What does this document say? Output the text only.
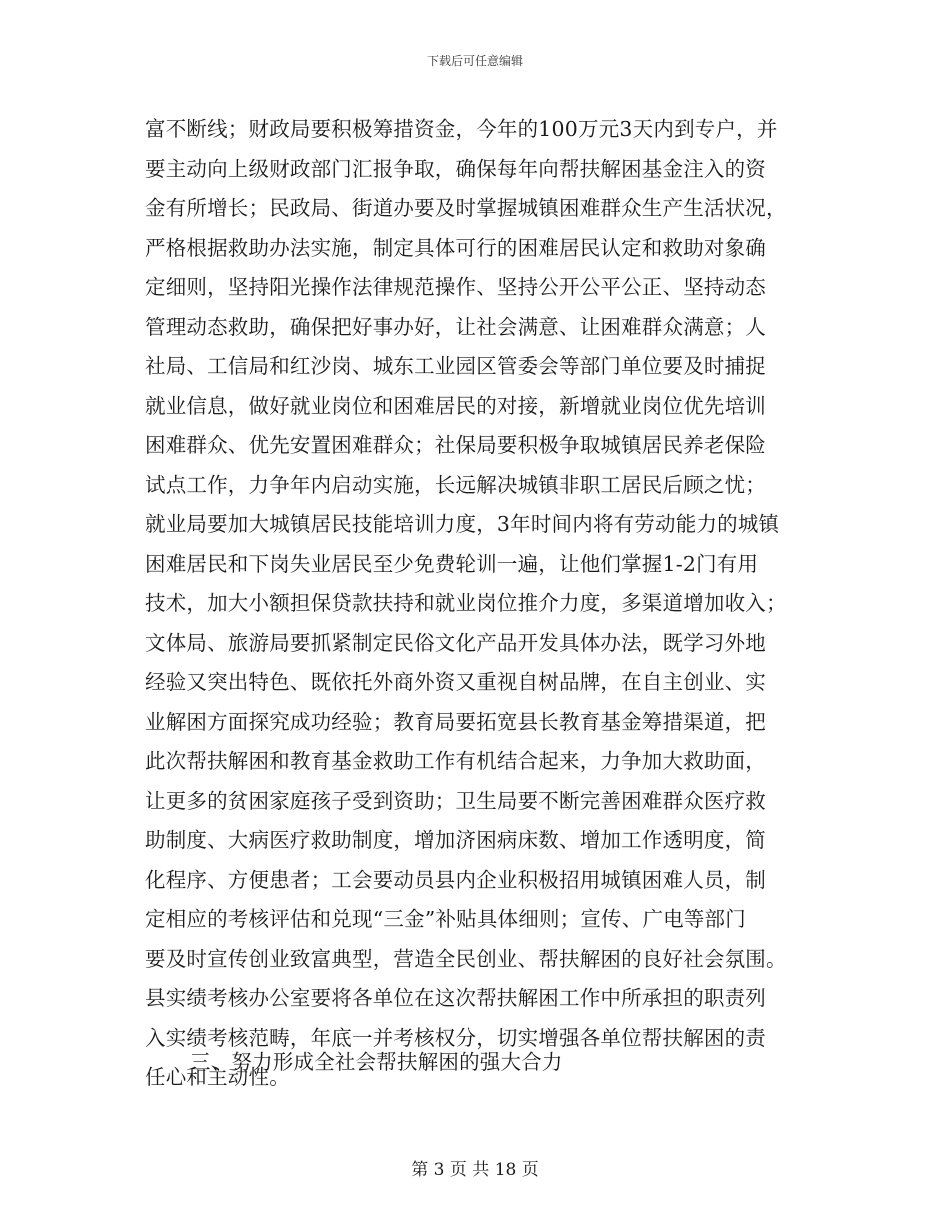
下载后可任意编辑
富不断线；财政局要积极筹措资金，今年的100万元3天内到专户，并
要主动向上级财政部门汇报争取，确保每年向帮扶解困基金注入的资
金有所增长；民政局、街道办要及时掌握城镇困难群众生产生活状况，
严格根据救助办法实施，制定具体可行的困难居民认定和救助对象确
定细则，坚持阳光操作法律规范操作、坚持公开公平公正、坚持动态
管理动态救助，确保把好事办好，让社会满意、让困难群众满意；人
社局、工信局和红沙岗、城东工业园区管委会等部门单位要及时捕捉
就业信息，做好就业岗位和困难居民的对接，新增就业岗位优先培训
困难群众、优先安置困难群众；社保局要积极争取城镇居民养老保险
试点工作，力争年内启动实施，长远解决城镇非职工居民后顾之忧；
就业局要加大城镇居民技能培训力度，3年时间内将有劳动能力的城镇
困难居民和下岗失业居民至少免费轮训一遍，让他们掌握1-2门有用
技术，加大小额担保贷款扶持和就业岗位推介力度，多渠道增加收入；
文体局、旅游局要抓紧制定民俗文化产品开发具体办法，既学习外地
经验又突出特色、既依托外商外资又重视自树品牌，在自主创业、实
业解困方面探究成功经验；教育局要拓宽县长教育基金筹措渠道，把
此次帮扶解困和教育基金救助工作有机结合起来，力争加大救助面，
让更多的贫困家庭孩子受到资助；卫生局要不断完善困难群众医疗救
助制度、大病医疗救助制度，增加济困病床数、增加工作透明度，简
化程序、方便患者；工会要动员县内企业积极招用城镇困难人员，制
定相应的考核评估和兑现“三金”补贴具体细则；宣传、广电等部门
要及时宣传创业致富典型，营造全民创业、帮扶解困的良好社会氛围。
县实绩考核办公室要将各单位在这次帮扶解困工作中所承担的职责列
入实绩考核范畴，年底一并考核权分，切实增强各单位帮扶解困的责
任心和主动性。
三、努力形成全社会帮扶解困的强大合力
第 3 页 共 18 页
